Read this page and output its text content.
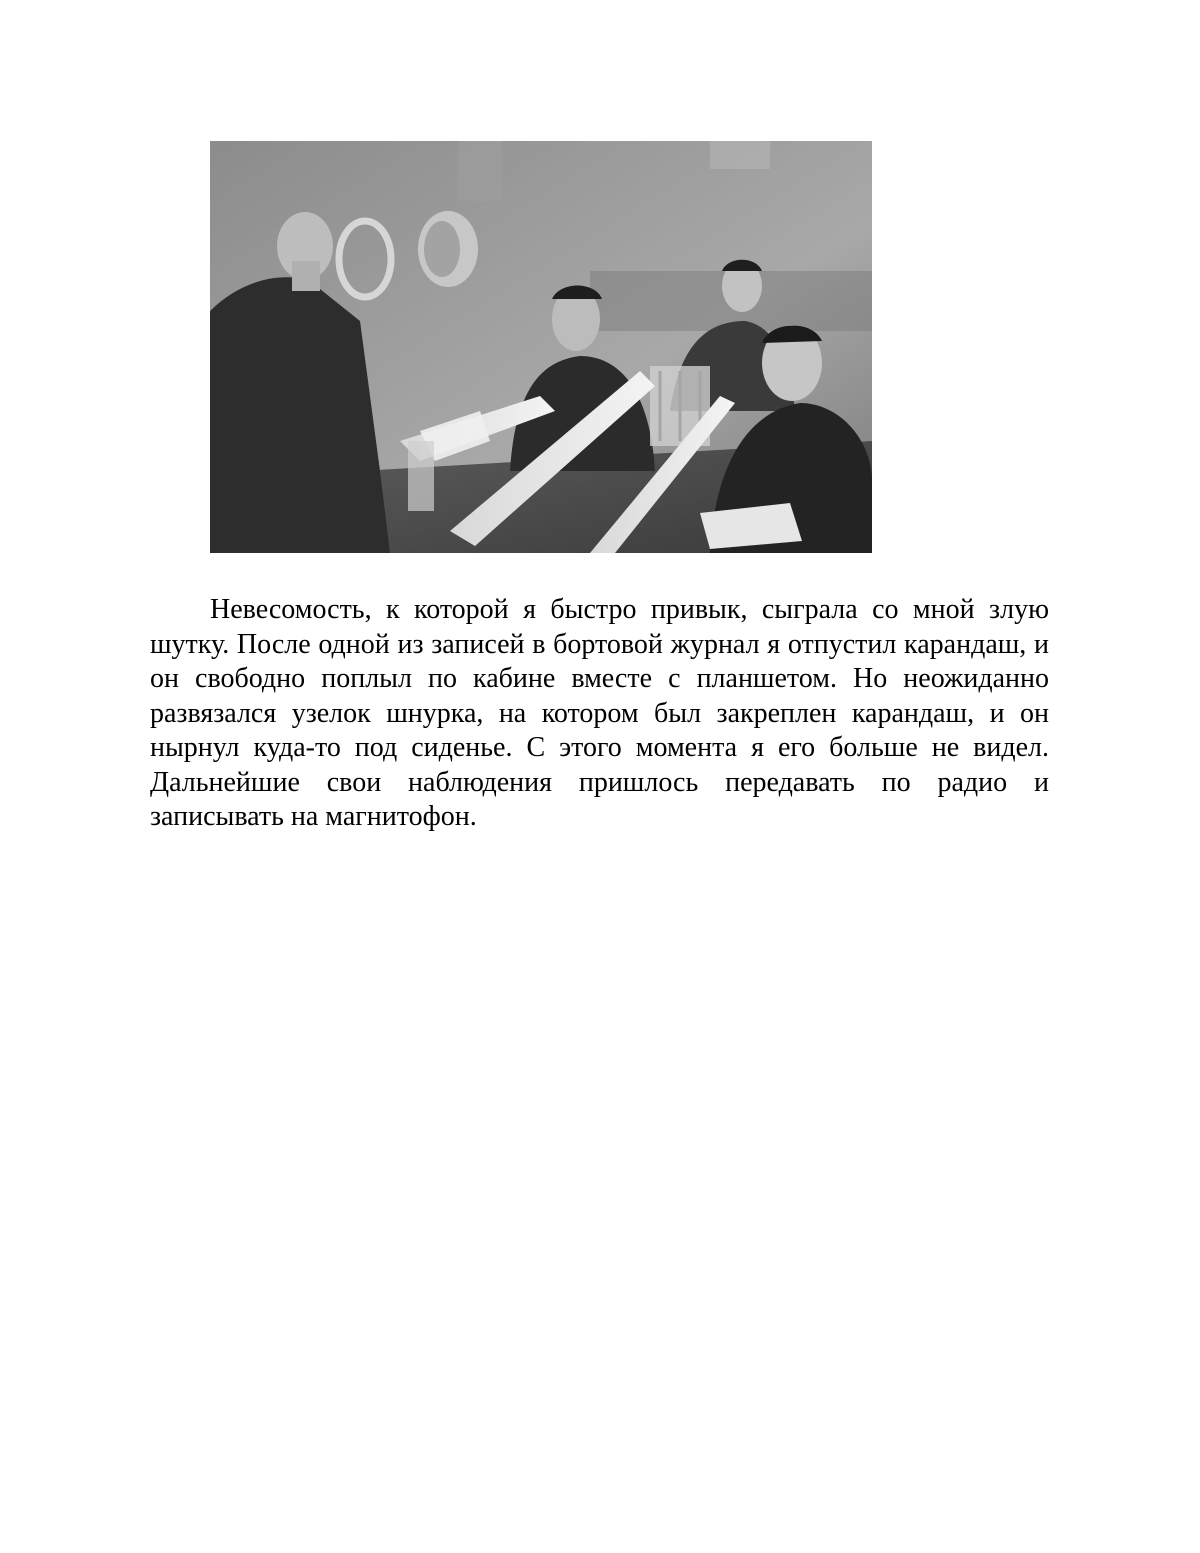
Невесомость, к которой я быстро привык, сыграла со мной злую шутку. После одной из записей в бортовой журнал я отпустил карандаш, и он свободно поплыл по кабине вместе с планшетом. Но неожиданно развязался узелок шнурка, на котором был закреплен карандаш, и он нырнул куда-то под сиденье. С этого момента я его больше не видел. Дальнейшие свои наблюдения пришлось передавать по радио и записывать на магнитофон.
